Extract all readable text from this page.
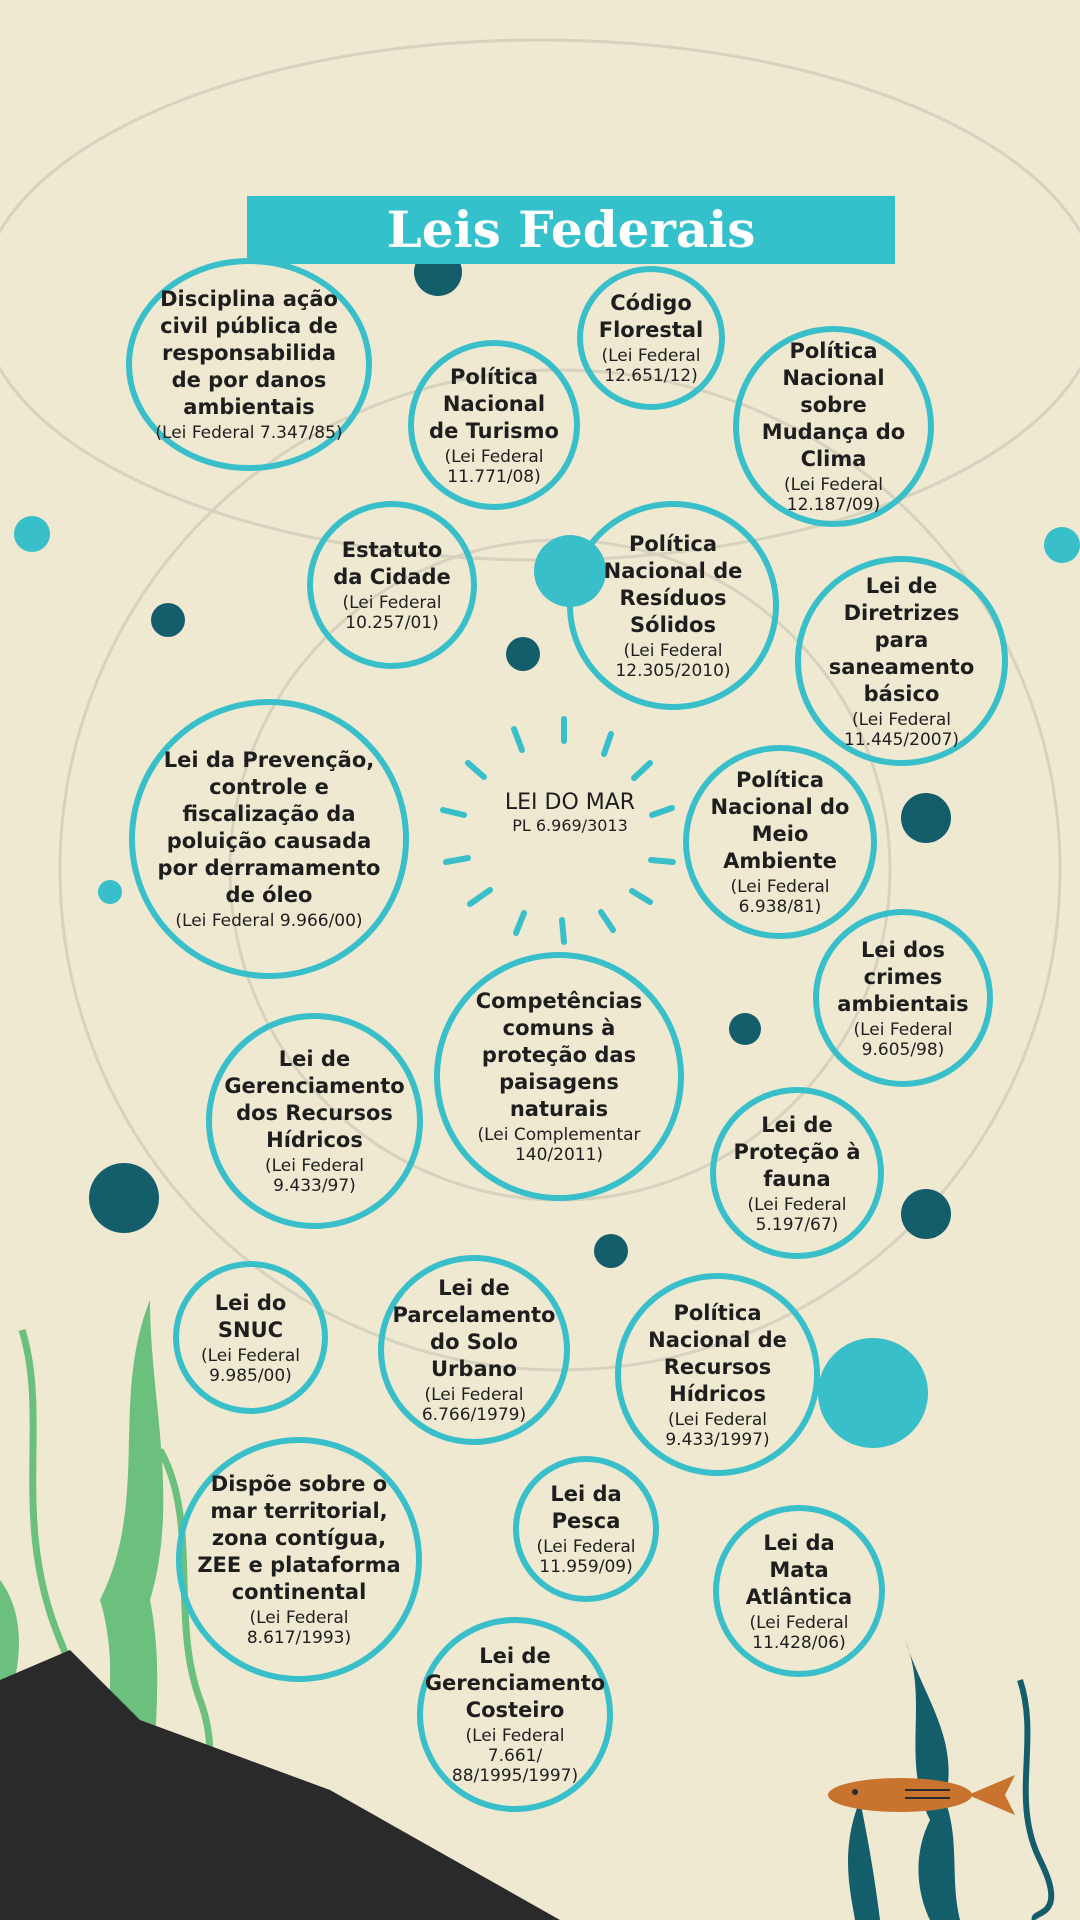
Leis Federais
LEI DO MAR
PL 6.969/3013
Disciplina ação civil pública de responsabilida de por danos ambientais
(Lei Federal 7.347/85)
Código Florestal
(Lei Federal 12.651/12)
Política Nacional de Turismo
(Lei Federal 11.771/08)
Política Nacional sobre Mudança do Clima
(Lei Federal 12.187/09)
Estatuto da Cidade
(Lei Federal 10.257/01)
Política Nacional de Resíduos Sólidos
(Lei Federal 12.305/2010)
Lei de Diretrizes para saneamento básico
(Lei Federal 11.445/2007)
Lei da Prevenção, controle e fiscalização da poluição causada por derramamento de óleo
(Lei Federal 9.966/00)
Política Nacional do Meio Ambiente
(Lei Federal 6.938/81)
Lei dos crimes ambientais
(Lei Federal 9.605/98)
Competências comuns à proteção das paisagens naturais
(Lei Complementar 140/2011)
Lei de Gerenciamento dos Recursos Hídricos
(Lei Federal 9.433/97)
Lei de Proteção à fauna
(Lei Federal 5.197/67)
Lei do SNUC
(Lei Federal 9.985/00)
Lei de Parcelamento do Solo Urbano
(Lei Federal 6.766/1979)
Política Nacional de Recursos Hídricos
(Lei Federal 9.433/1997)
Dispõe sobre o mar territorial, zona contígua, ZEE e plataforma continental
(Lei Federal 8.617/1993)
Lei da Pesca
(Lei Federal 11.959/09)
Lei da Mata Atlântica
(Lei Federal 11.428/06)
Lei de Gerenciamento Costeiro
(Lei Federal 7.661/ 88/1995/1997)
